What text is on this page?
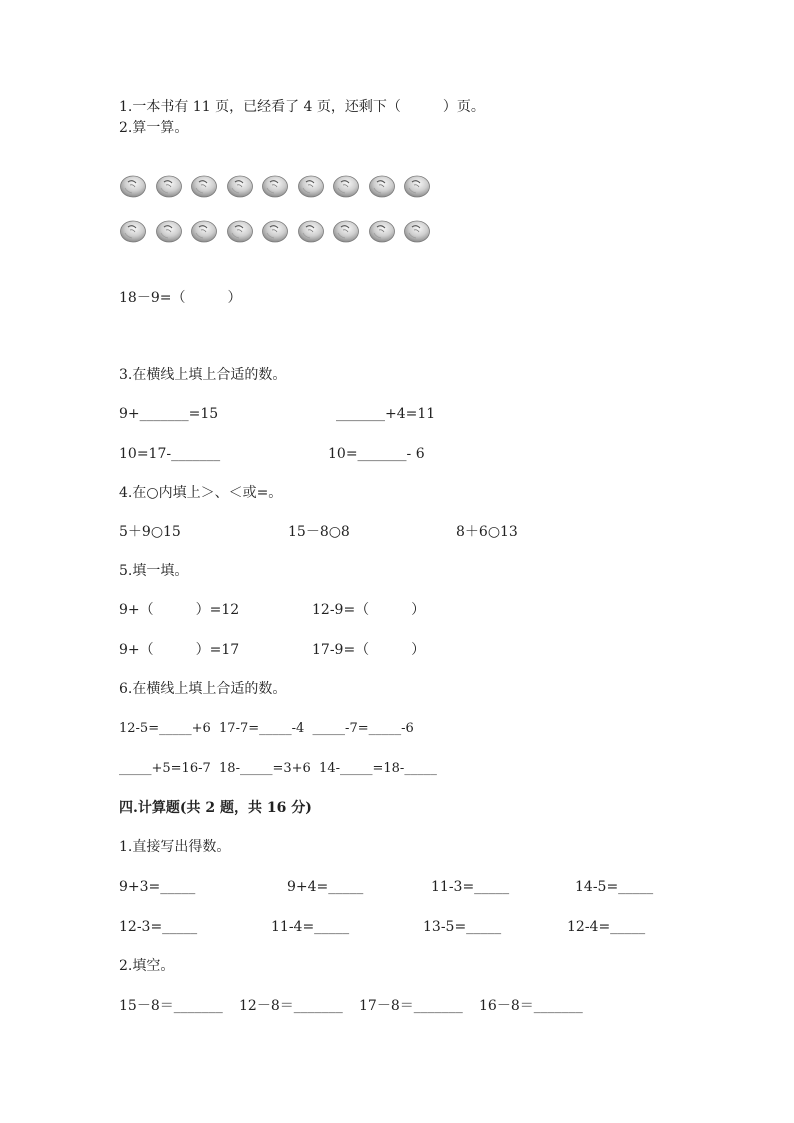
1.一本书有 11 页，已经看了 4 页，还剩下（　　　）页。
2.算一算。
18－9=（　　　）
3.在横线上填上合适的数。
9+_______=15	_______+4=11
10=17-_______	10=_______- 6
4.在○内填上＞、＜或=。
5＋9○15	15－8○8	8＋6○13
5.填一填。
9+（　　　）=12	12-9=（　　　）
9+（　　　）=17	17-9=（　　　）
6.在横线上填上合适的数。
12-5=_____+6  17-7=_____-4  _____-7=_____-6
_____+5=16-7  18-_____=3+6  14-_____=18-_____
四.计算题(共 2 题，共 16 分)
1.直接写出得数。
9+3=_____	9+4=_____	11-3=_____	14-5=_____
12-3=_____	11-4=_____	13-5=_____	12-4=_____
2.填空。
15－8＝_______ 12－8＝_______ 17－8＝_______ 16－8＝_______
